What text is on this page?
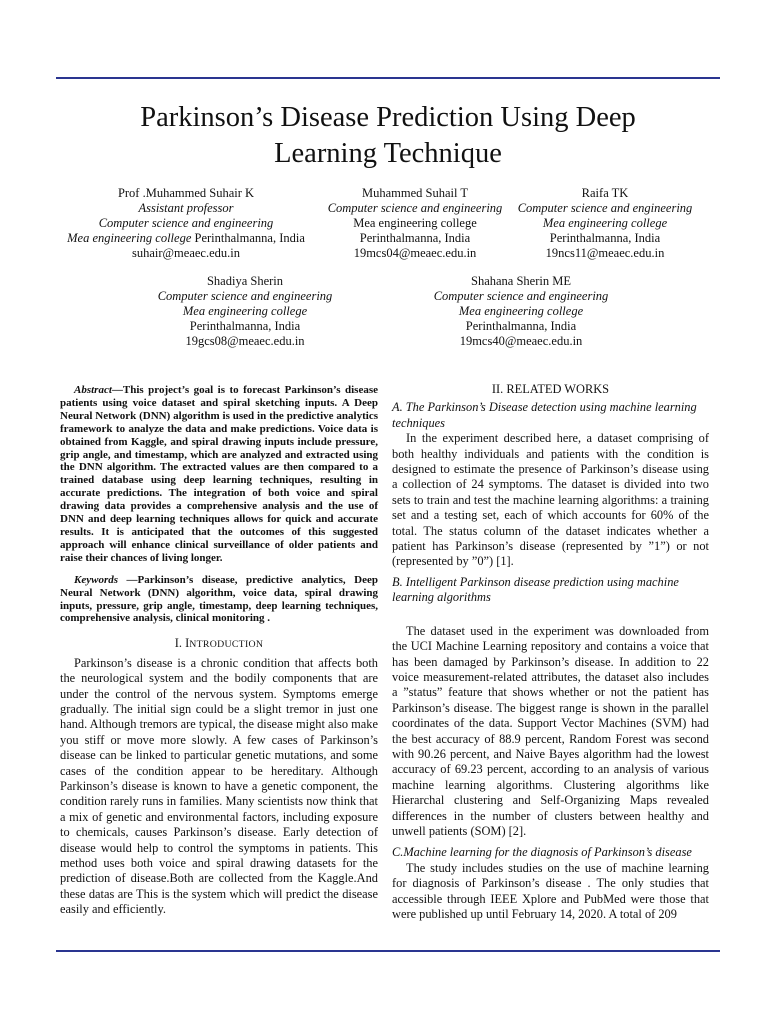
Parkinson’s Disease Prediction Using Deep
Learning Technique
Prof .Muhammed Suhair K
Assistant professor
Computer science and engineering
Mea engineering college Perinthalmanna, India
suhair@meaec.edu.in
Muhammed Suhail T
Computer science and engineering
Mea engineering college
Perinthalmanna, India
19mcs04@meaec.edu.in
Raifa TK
Computer science and engineering
Mea engineering college
Perinthalmanna, India
19ncs11@meaec.edu.in
Shadiya Sherin
Computer science and engineering
Mea engineering college
Perinthalmanna, India
19gcs08@meaec.edu.in
Shahana Sherin ME
Computer science and engineering
Mea engineering college
Perinthalmanna, India
19mcs40@meaec.edu.in

Abstract—This project’s goal is to forecast Parkinson’s disease patients using voice dataset and spiral sketching inputs. A Deep Neural Network (DNN) algorithm is used in the predictive analytics framework to analyze the data and make predictions. Voice data is obtained from Kaggle, and spiral drawing inputs include pressure, grip angle, and timestamp, which are analyzed and extracted using the DNN algorithm. The extracted values are then compared to a trained database using deep learning techniques, resulting in accurate predictions. The integration of both voice and spiral drawing data provides a comprehensive analysis and the use of DNN and deep learning techniques allows for quick and accurate results. It is anticipated that the outcomes of this suggested approach will enhance clinical surveillance of older patients and raise their chances of living longer.

Keywords —Parkinson’s disease, predictive analytics, Deep Neural Network (DNN) algorithm, voice data, spiral drawing inputs, pressure, grip angle, timestamp, deep learning techniques, comprehensive analysis, clinical monitoring .

I. INTRODUCTION

Parkinson’s disease is a chronic condition that affects both the neurological system and the bodily components that are under the control of the nervous system. Symptoms emerge gradually. The initial sign could be a slight tremor in just one hand. Although tremors are typical, the disease might also make you stiff or move more slowly. A few cases of Parkinson’s disease can be linked to particular genetic mutations, and some cases of the condition appear to be hereditary. Although Parkinson’s disease is known to have a genetic component, the condition rarely runs in families. Many scientists now think that a mix of genetic and environmental factors, including exposure to chemicals, causes Parkinson’s disease. Early detection of disease would help to control the symptoms in patients. This method uses both voice and spiral drawing datasets for the prediction of disease.Both are collected from the Kaggle.And these datas are This is the system which will predict the disease easily and efficiently.

II. RELATED WORKS

A. The Parkinson’s Disease detection using machine learning techniques

In the experiment described here, a dataset comprising of both healthy individuals and patients with the condition is designed to estimate the presence of Parkinson’s disease using a collection of 24 symptoms. The dataset is divided into two sets to train and test the machine learning algorithms: a training set and a testing set, each of which accounts for 60% of the total. The status column of the dataset indicates whether a patient has Parkinson’s disease (represented by ”1”) or not (represented by ”0”) [1].

B. Intelligent Parkinson disease prediction using machine learning algorithms

The dataset used in the experiment was downloaded from the UCI Machine Learning repository and contains a voice that has been damaged by Parkinson’s disease. In addition to 22 voice measurement-related attributes, the dataset also includes a ”status” feature that shows whether or not the patient has Parkinson’s disease. The biggest range is shown in the parallel coordinates of the data. Support Vector Machines (SVM) had the best accuracy of 88.9 percent, Random Forest was second with 90.26 percent, and Naive Bayes algorithm had the lowest accuracy of 69.23 percent, according to an analysis of various machine learning algorithms. Clustering algorithms like Hierarchal clustering and Self-Organizing Maps revealed differences in the number of clusters between healthy and unwell patients (SOM) [2].

C.Machine learning for the diagnosis of Parkinson’s disease

The study includes studies on the use of machine learning for diagnosis of Parkinson’s disease . The only studies that accessible through IEEE Xplore and PubMed were those that were published up until February 14, 2020. A total of 209
